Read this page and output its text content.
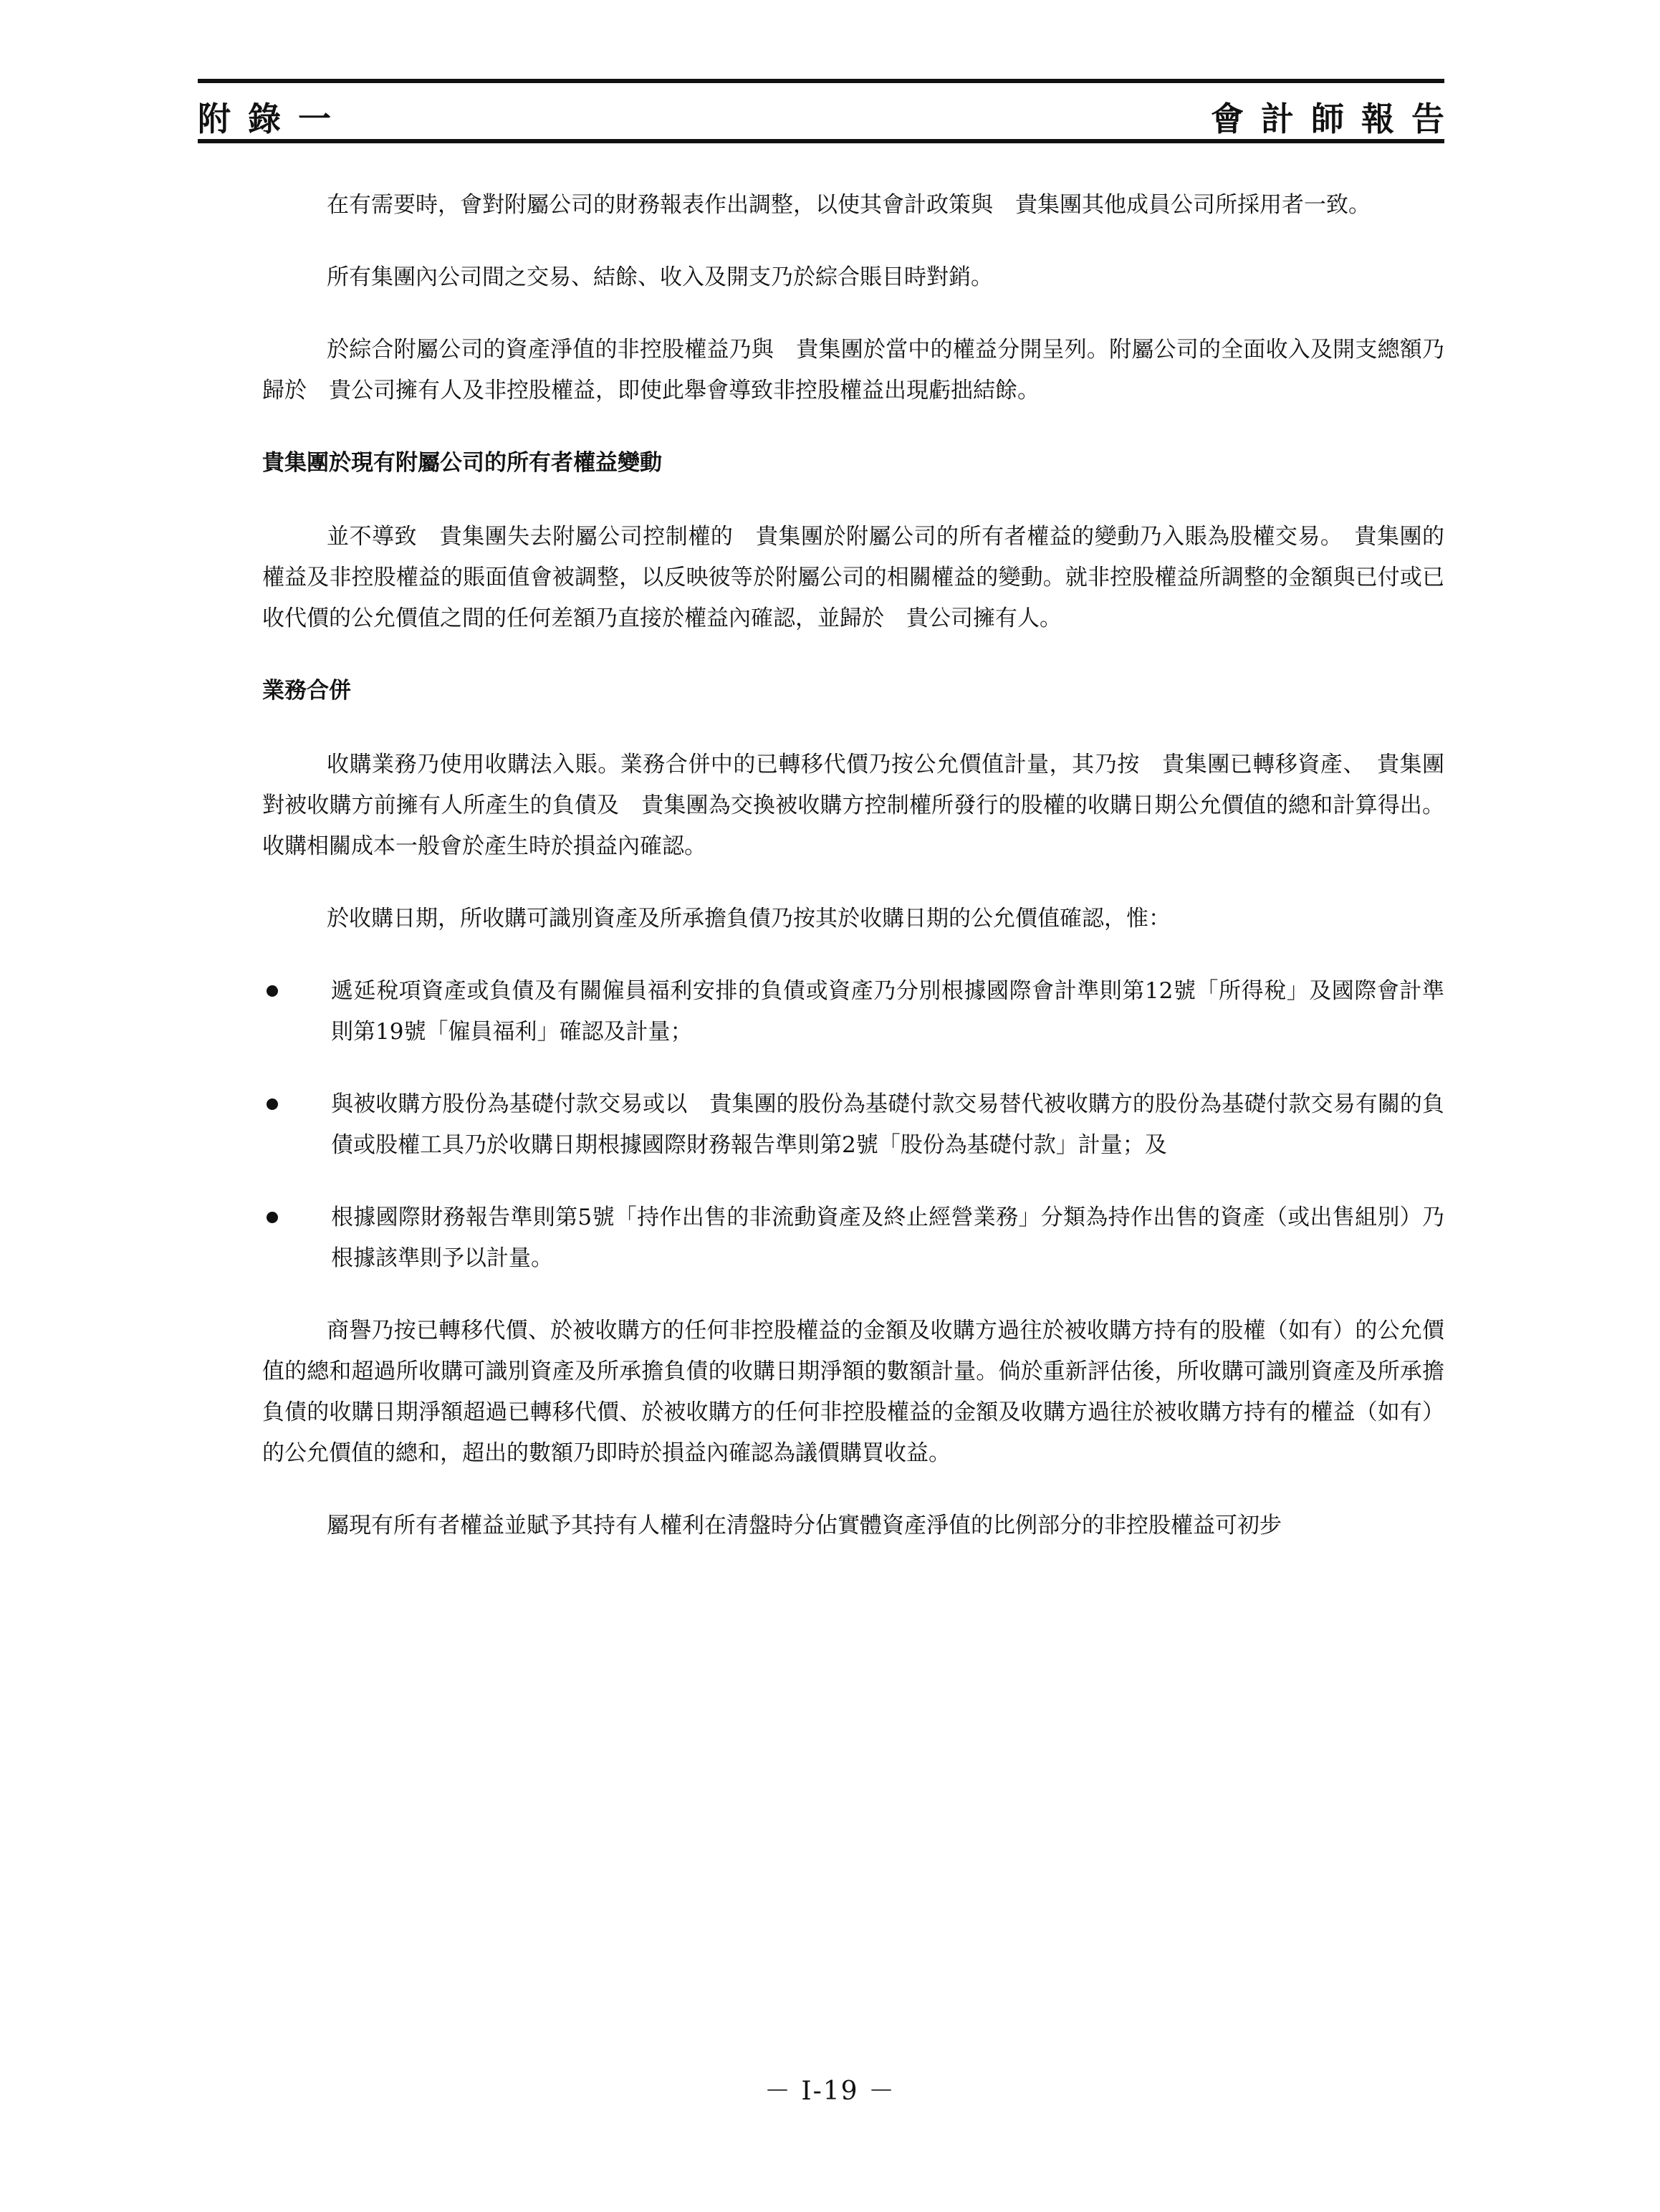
附錄一	會計師報告

在有需要時，會對附屬公司的財務報表作出調整，以使其會計政策與　貴集團其他成員公司所採用者一致。

所有集團內公司間之交易、結餘、收入及開支乃於綜合賬目時對銷。

於綜合附屬公司的資產淨值的非控股權益乃與　貴集團於當中的權益分開呈列。附屬公司的全面收入及開支總額乃歸於　貴公司擁有人及非控股權益，即使此舉會導致非控股權益出現虧拙結餘。

貴集團於現有附屬公司的所有者權益變動

並不導致　貴集團失去附屬公司控制權的　貴集團於附屬公司的所有者權益的變動乃入賬為股權交易。　貴集團的權益及非控股權益的賬面值會被調整，以反映彼等於附屬公司的相關權益的變動。就非控股權益所調整的金額與已付或已收代價的公允價值之間的任何差額乃直接於權益內確認，並歸於　貴公司擁有人。

業務合併

收購業務乃使用收購法入賬。業務合併中的已轉移代價乃按公允價值計量，其乃按　貴集團已轉移資產、　貴集團對被收購方前擁有人所產生的負債及　貴集團為交換被收購方控制權所發行的股權的收購日期公允價值的總和計算得出。收購相關成本一般會於產生時於損益內確認。

於收購日期，所收購可識別資產及所承擔負債乃按其於收購日期的公允價值確認，惟：

遞延稅項資產或負債及有關僱員福利安排的負債或資產乃分別根據國際會計準則第12號「所得稅」及國際會計準則第19號「僱員福利」確認及計量；
與被收購方股份為基礎付款交易或以　貴集團的股份為基礎付款交易替代被收購方的股份為基礎付款交易有關的負債或股權工具乃於收購日期根據國際財務報告準則第2號「股份為基礎付款」計量；及
根據國際財務報告準則第5號「持作出售的非流動資產及終止經營業務」分類為持作出售的資產（或出售組別）乃根據該準則予以計量。

商譽乃按已轉移代價、於被收購方的任何非控股權益的金額及收購方過往於被收購方持有的股權（如有）的公允價值的總和超過所收購可識別資產及所承擔負債的收購日期淨額的數額計量。倘於重新評估後，所收購可識別資產及所承擔負債的收購日期淨額超過已轉移代價、於被收購方的任何非控股權益的金額及收購方過往於被收購方持有的權益（如有）的公允價值的總和，超出的數額乃即時於損益內確認為議價購買收益。

屬現有所有者權益並賦予其持有人權利在清盤時分佔實體資產淨值的比例部分的非控股權益可初步

－ I-19 －
